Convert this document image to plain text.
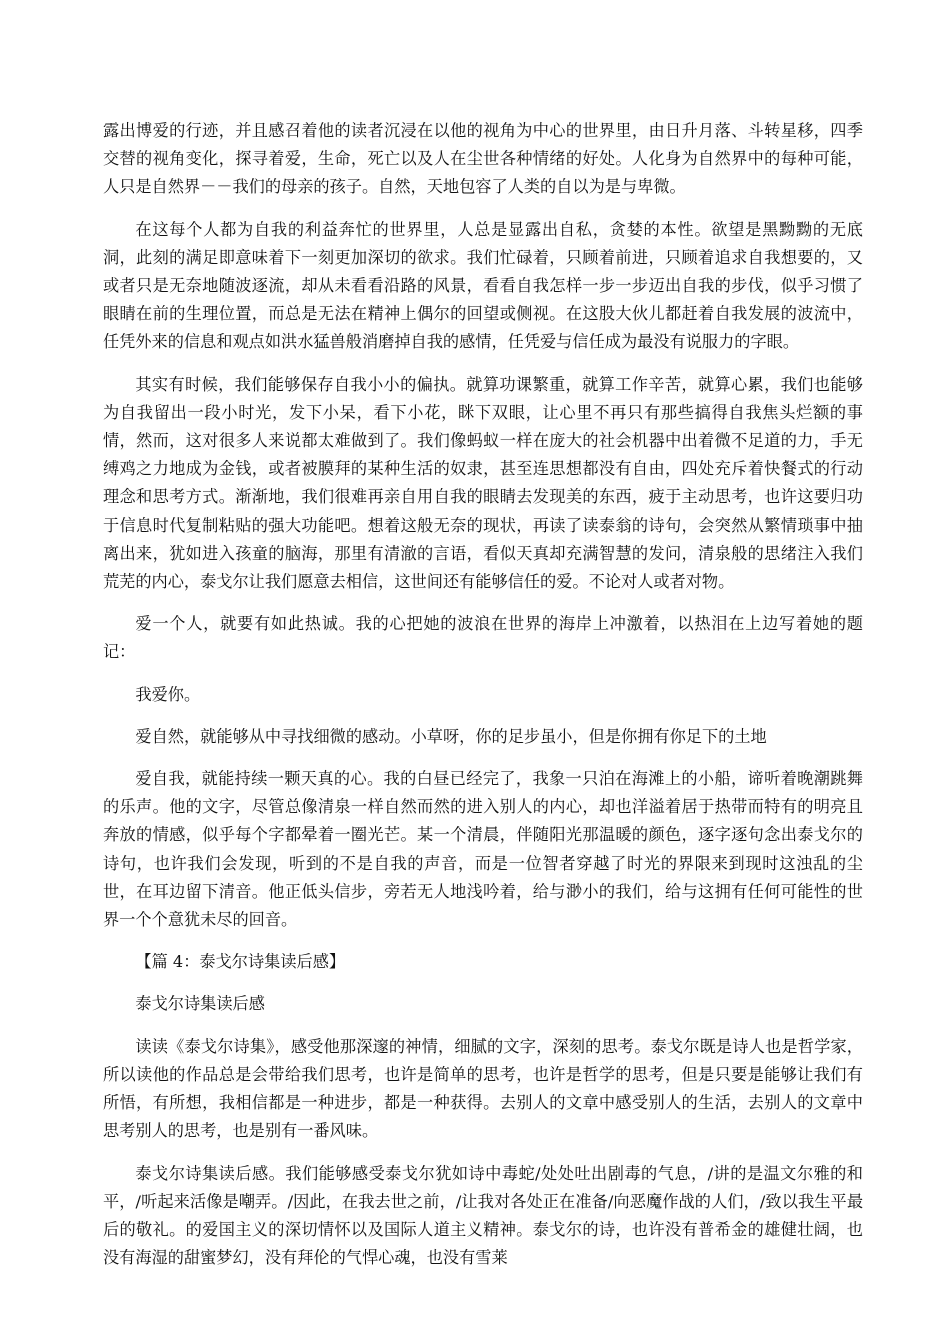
露出博爱的行迹，并且感召着他的读者沉浸在以他的视角为中心的世界里，由日升月落、斗转星移，四季交替的视角变化，探寻着爱，生命，死亡以及人在尘世各种情绪的好处。人化身为自然界中的每种可能，人只是自然界－－我们的母亲的孩子。自然，天地包容了人类的自以为是与卑微。

在这每个人都为自我的利益奔忙的世界里，人总是显露出自私，贪婪的本性。欲望是黑黝黝的无底洞，此刻的满足即意味着下一刻更加深切的欲求。我们忙碌着，只顾着前进，只顾着追求自我想要的，又或者只是无奈地随波逐流，却从未看看沿路的风景，看看自我怎样一步一步迈出自我的步伐，似乎习惯了眼睛在前的生理位置，而总是无法在精神上偶尔的回望或侧视。在这股大伙儿都赶着自我发展的波流中，任凭外来的信息和观点如洪水猛兽般消磨掉自我的感情，任凭爱与信任成为最没有说服力的字眼。

其实有时候，我们能够保存自我小小的偏执。就算功课繁重，就算工作辛苦，就算心累，我们也能够为自我留出一段小时光，发下小呆，看下小花，眯下双眼，让心里不再只有那些搞得自我焦头烂额的事情，然而，这对很多人来说都太难做到了。我们像蚂蚁一样在庞大的社会机器中出着微不足道的力，手无缚鸡之力地成为金钱，或者被膜拜的某种生活的奴隶，甚至连思想都没有自由，四处充斥着快餐式的行动理念和思考方式。渐渐地，我们很难再亲自用自我的眼睛去发现美的东西，疲于主动思考，也许这要归功于信息时代复制粘贴的强大功能吧。想着这般无奈的现状，再读了读泰翁的诗句，会突然从繁情琐事中抽离出来，犹如进入孩童的脑海，那里有清澈的言语，看似天真却充满智慧的发问，清泉般的思绪注入我们荒芜的内心，泰戈尔让我们愿意去相信，这世间还有能够信任的爱。不论对人或者对物。

爱一个人，就要有如此热诚。我的心把她的波浪在世界的海岸上冲激着，以热泪在上边写着她的题记：

我爱你。

爱自然，就能够从中寻找细微的感动。小草呀，你的足步虽小，但是你拥有你足下的土地

爱自我，就能持续一颗天真的心。我的白昼已经完了，我象一只泊在海滩上的小船，谛听着晚潮跳舞的乐声。他的文字，尽管总像清泉一样自然而然的进入别人的内心，却也洋溢着居于热带而特有的明亮且奔放的情感，似乎每个字都晕着一圈光芒。某一个清晨，伴随阳光那温暖的颜色，逐字逐句念出泰戈尔的诗句，也许我们会发现，听到的不是自我的声音，而是一位智者穿越了时光的界限来到现时这浊乱的尘世，在耳边留下清音。他正低头信步，旁若无人地浅吟着，给与渺小的我们，给与这拥有任何可能性的世界一个个意犹未尽的回音。

【篇 4：泰戈尔诗集读后感】

泰戈尔诗集读后感

读读《泰戈尔诗集》，感受他那深邃的神情，细腻的文字，深刻的思考。泰戈尔既是诗人也是哲学家，所以读他的作品总是会带给我们思考，也许是简单的思考，也许是哲学的思考，但是只要是能够让我们有所悟，有所想，我相信都是一种进步，都是一种获得。去别人的文章中感受别人的生活，去别人的文章中思考别人的思考，也是别有一番风味。

泰戈尔诗集读后感。我们能够感受泰戈尔犹如诗中毒蛇/处处吐出剧毒的气息，/讲的是温文尔雅的和平，/听起来活像是嘲弄。/因此，在我去世之前，/让我对各处正在准备/向恶魔作战的人们，/致以我生平最后的敬礼。的爱国主义的深切情怀以及国际人道主义精神。泰戈尔的诗，也许没有普希金的雄健壮阔，也没有海湿的甜蜜梦幻，没有拜伦的气悍心魂，也没有雪莱
